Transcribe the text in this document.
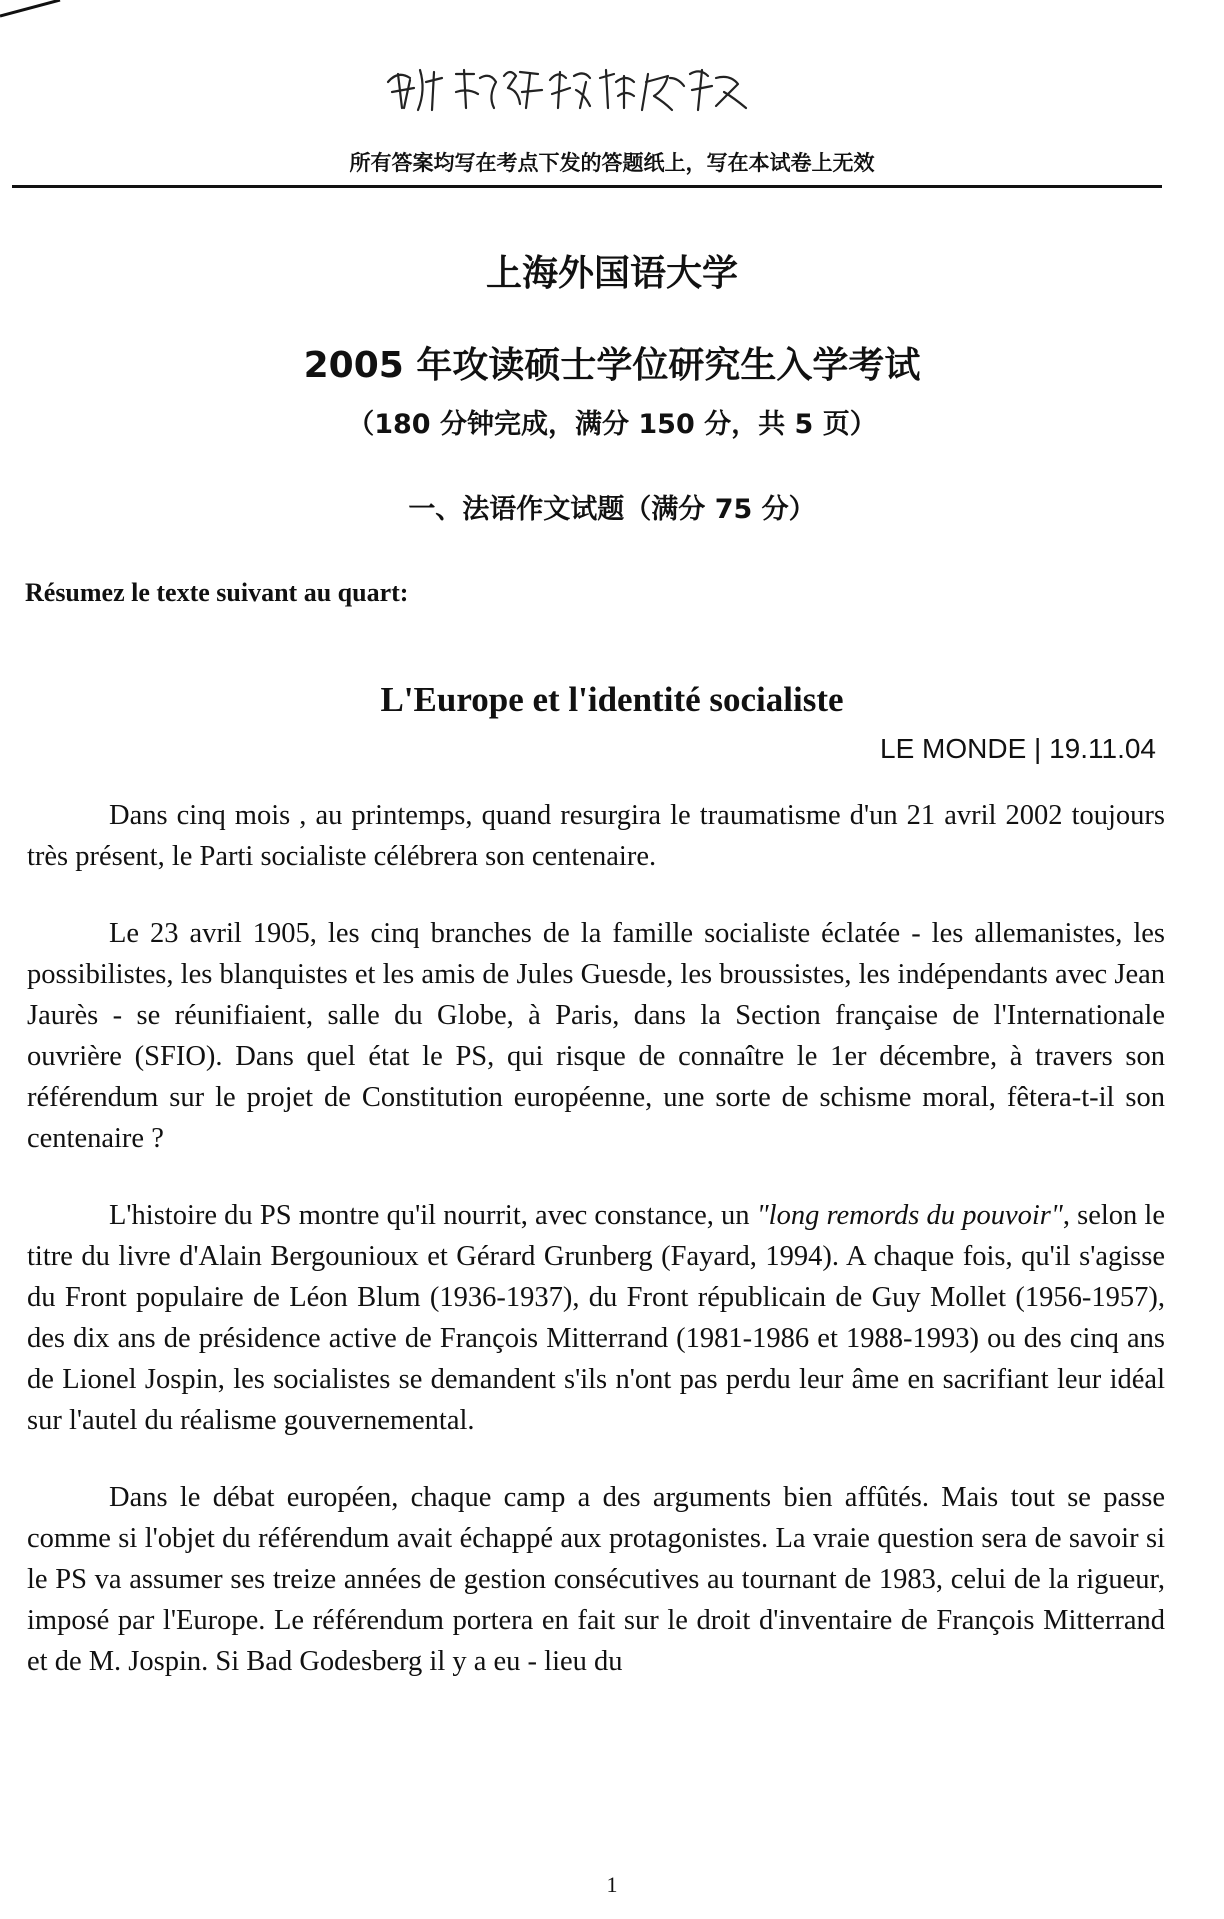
所有答案均写在考点下发的答题纸上，写在本试卷上无效
上海外国语大学
2005 年攻读硕士学位研究生入学考试
（180 分钟完成，满分 150 分，共 5 页）
一、法语作文试题（满分 75 分）
Résumez le texte suivant au quart:
L'Europe et l'identité socialiste
LE MONDE | 19.11.04

Dans cinq mois , au printemps, quand resurgira le traumatisme d'un 21 avril 2002 toujours très présent, le Parti socialiste célébrera son centenaire.

Le 23 avril 1905, les cinq branches de la famille socialiste éclatée - les allemanistes, les possibilistes, les blanquistes et les amis de Jules Guesde, les broussistes, les indépendants avec Jean Jaurès - se réunifiaient, salle du Globe, à Paris, dans la Section française de l'Internationale ouvrière (SFIO). Dans quel état le PS, qui risque de connaître le 1er décembre, à travers son référendum sur le projet de Constitution européenne, une sorte de schisme moral, fêtera-t-il son centenaire ?

L'histoire du PS montre qu'il nourrit, avec constance, un "long remords du pouvoir", selon le titre du livre d'Alain Bergounioux et Gérard Grunberg (Fayard, 1994). A chaque fois, qu'il s'agisse du Front populaire de Léon Blum (1936-1937), du Front républicain de Guy Mollet (1956-1957), des dix ans de présidence active de François Mitterrand (1981-1986 et 1988-1993) ou des cinq ans de Lionel Jospin, les socialistes se demandent s'ils n'ont pas perdu leur âme en sacrifiant leur idéal sur l'autel du réalisme gouvernemental.

Dans le débat européen, chaque camp a des arguments bien affûtés. Mais tout se passe comme si l'objet du référendum avait échappé aux protagonistes. La vraie question sera de savoir si le PS va assumer ses treize années de gestion consécutives au tournant de 1983, celui de la rigueur, imposé par l'Europe. Le référendum portera en fait sur le droit d'inventaire de François Mitterrand et de M. Jospin. Si Bad Godesberg il y a eu - lieu du

1
